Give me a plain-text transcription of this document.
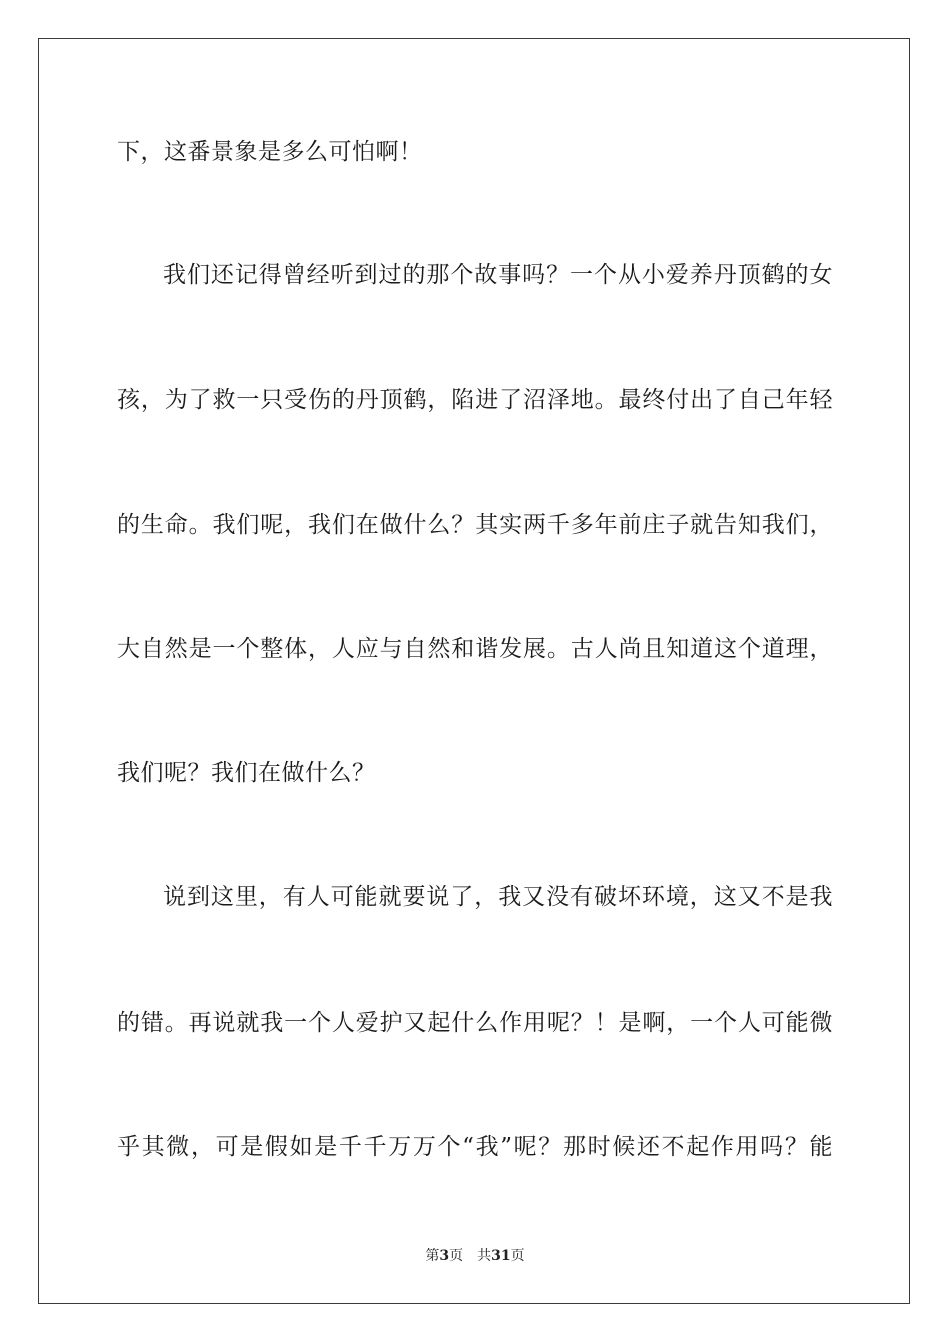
下，这番景象是多么可怕啊！
我们还记得曾经听到过的那个故事吗？一个从小爱养丹顶鹤的女
孩，为了救一只受伤的丹顶鹤，陷进了沼泽地。最终付出了自己年轻
的生命。我们呢，我们在做什么？其实两千多年前庄子就告知我们，
大自然是一个整体，人应与自然和谐发展。古人尚且知道这个道理，
我们呢？我们在做什么？
说到这里，有人可能就要说了，我又没有破坏环境，这又不是我
的错。再说就我一个人爱护又起什么作用呢？！是啊，一个人可能微
乎其微，可是假如是千千万万个“我”呢？那时候还不起作用吗？能
第3页 共31页
